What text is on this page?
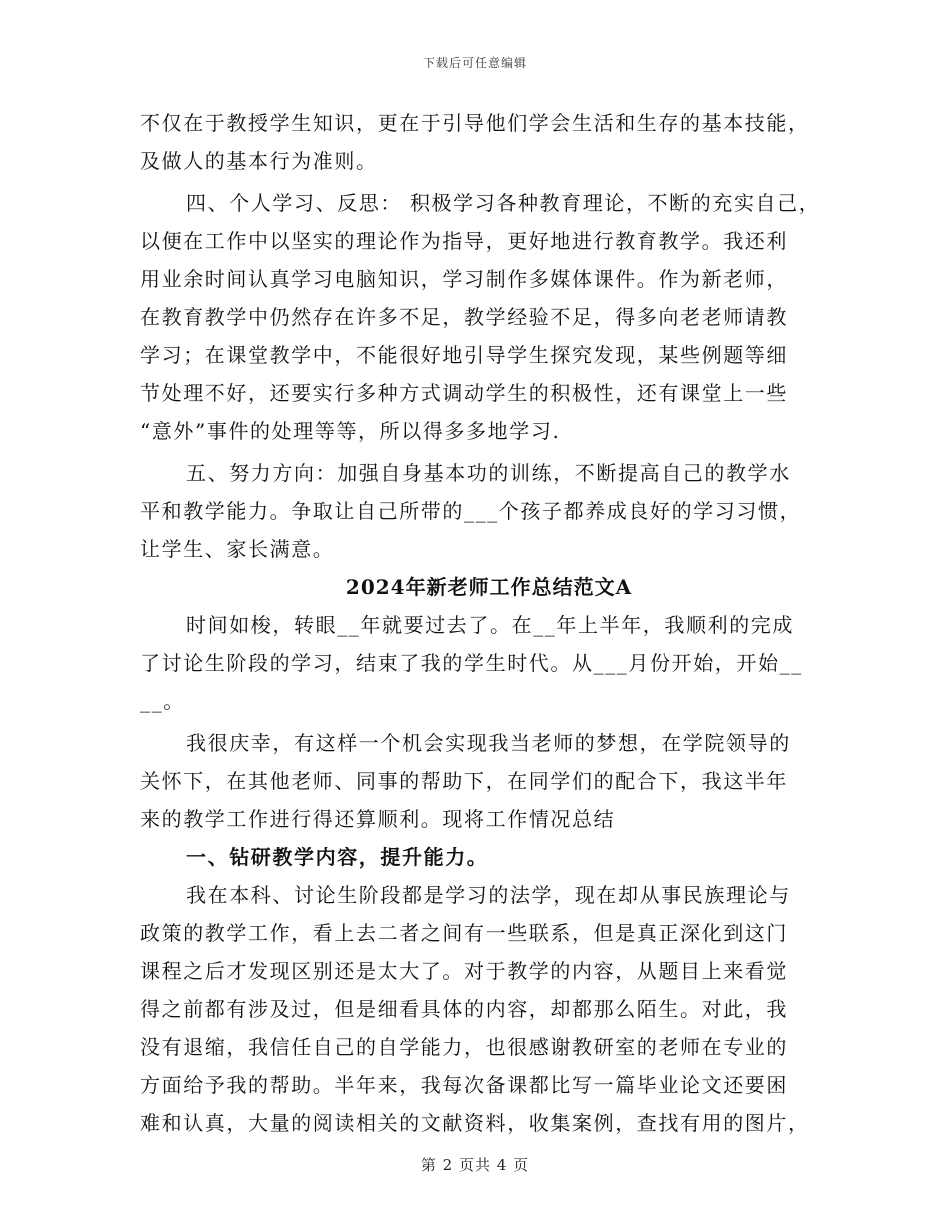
下载后可任意编辑
不仅在于教授学生知识，更在于引导他们学会生活和生存的基本技能，
及做人的基本行为准则。
四、个人学习、反思： 积极学习各种教育理论，不断的充实自己，
以便在工作中以坚实的理论作为指导，更好地进行教育教学。我还利
用业余时间认真学习电脑知识，学习制作多媒体课件。作为新老师，
在教育教学中仍然存在许多不足，教学经验不足，得多向老老师请教
学习；在课堂教学中，不能很好地引导学生探究发现，某些例题等细
节处理不好，还要实行多种方式调动学生的积极性，还有课堂上一些
“意外”事件的处理等等，所以得多多地学习.
五、努力方向：加强自身基本功的训练，不断提高自己的教学水
平和教学能力。争取让自己所带的___个孩子都养成良好的学习习惯，
让学生、家长满意。
2024年新老师工作总结范文A
时间如梭，转眼__年就要过去了。在__年上半年，我顺利的完成
了讨论生阶段的学习，结束了我的学生时代。从___月份开始，开始__
__。
我很庆幸，有这样一个机会实现我当老师的梦想，在学院领导的
关怀下，在其他老师、同事的帮助下，在同学们的配合下，我这半年
来的教学工作进行得还算顺利。现将工作情况总结
一、钻研教学内容，提升能力。
我在本科、讨论生阶段都是学习的法学，现在却从事民族理论与
政策的教学工作，看上去二者之间有一些联系，但是真正深化到这门
课程之后才发现区别还是太大了。对于教学的内容，从题目上来看觉
得之前都有涉及过，但是细看具体的内容，却都那么陌生。对此，我
没有退缩，我信任自己的自学能力，也很感谢教研室的老师在专业的
方面给予我的帮助。半年来，我每次备课都比写一篇毕业论文还要困
难和认真，大量的阅读相关的文献资料，收集案例，查找有用的图片，
第 2 页共 4 页
